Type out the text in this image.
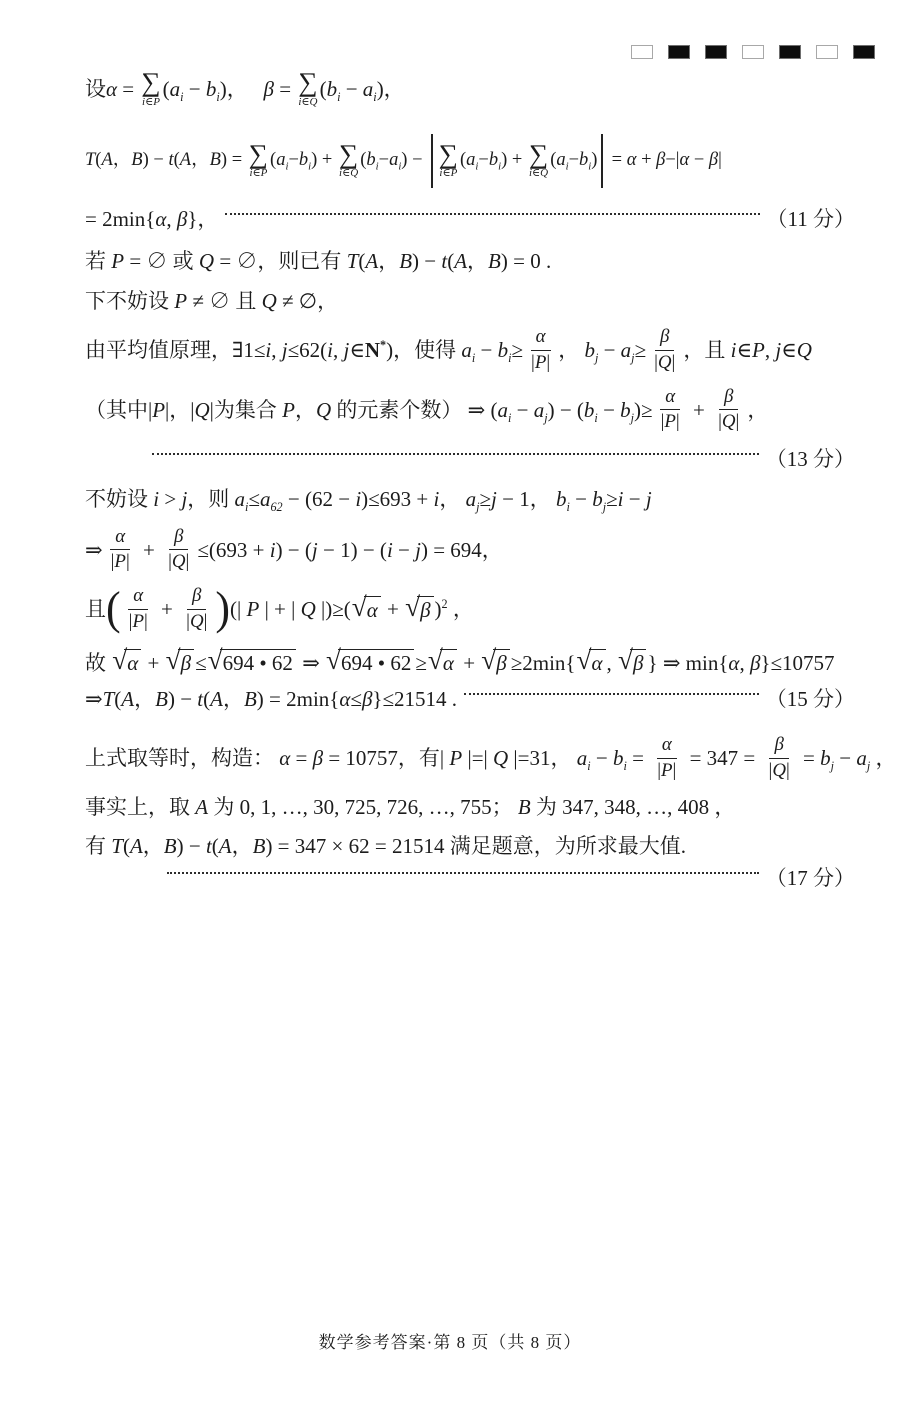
设 α = ∑
i∈P
( $a_i - b_i$ )， β = ∑
i∈Q
( $b_i - a_i$ )，
T ( A ， B ) − t ( A ， B ) = ∑
i∈P
( $a_i - b_i$ ) + ∑
i∈Q
( $b_i - a_i$ ) − ∑
i∈P
( $a_i - b_i$ ) + ∑
i∈Q
( $a_i - b_i$ ) = α + β −| α − β |
= 2min{ α , β }，	（11 分）
若 P = ∅ 或 Q = ∅，则已有 T ( A ， B ) − t ( A ， B ) = 0 .
下不妨设 P ≠ ∅ 且 Q ≠ ∅，
由平均值原理，∃1≤ i , j ≤62( i , j ∈ N* )，使得 $a_i - b_i \ge \frac{\alpha}{|P|}$ ， $b_j - a_j \ge \frac{\beta}{|Q|}$ ，且 i ∈ P , j ∈ Q
（其中| P |，| Q |为集合 P ， Q 的元素个数） ⇒ ( $a_i - a_j$ ) − ( $b_i - b_j$ )≥ $\frac{\alpha}{|P|} + \frac{\beta}{|Q|}$ ，
（13 分）
不妨设 i > j ，则 $a_i \le a_{62} - (62 - i$ )≤693 + i ， $a_j \ge j - 1$， $b_i - b_j \ge i - j$
⇒ $\frac{\alpha}{|P|} + \frac{\beta}{|Q|} \le(693 + i$ ) − ( j − 1) − ( i − j ) = 694，
且 ( $\frac{\alpha}{|P|} + \frac{\beta}{|Q|}$ ) (| P | + | Q |)≥( √ α + √ β )$^2$ ，
故 √ α + √ β ≤ √ 694 • 62 ⇒ √ 694 • 62 ≥ √ α + √ β ≥2min{ √ α , √ β } ⇒ min{ α , β }≤10757
⇒ T ( A ， B ) − t ( A ， B ) = 2min{ α ≤ β }≤21514 .	（15 分）
上式取等时，构造： α = β = 10757，有| P |=| Q |=31， $a_i - b_i = \frac{\alpha}{|P|} = 347 = \frac{\beta}{|Q|} = b_j - a_j$ ，
事实上，取 A 为 0, 1, …, 30, 725, 726, …, 755； B 为 347, 348, …, 408 ，
有 T ( A ， B ) − t ( A ， B ) = 347 × 62 = 21514 满足题意，为所求最大值.
（17 分）
数学参考答案·第 8 页（共 8 页）
